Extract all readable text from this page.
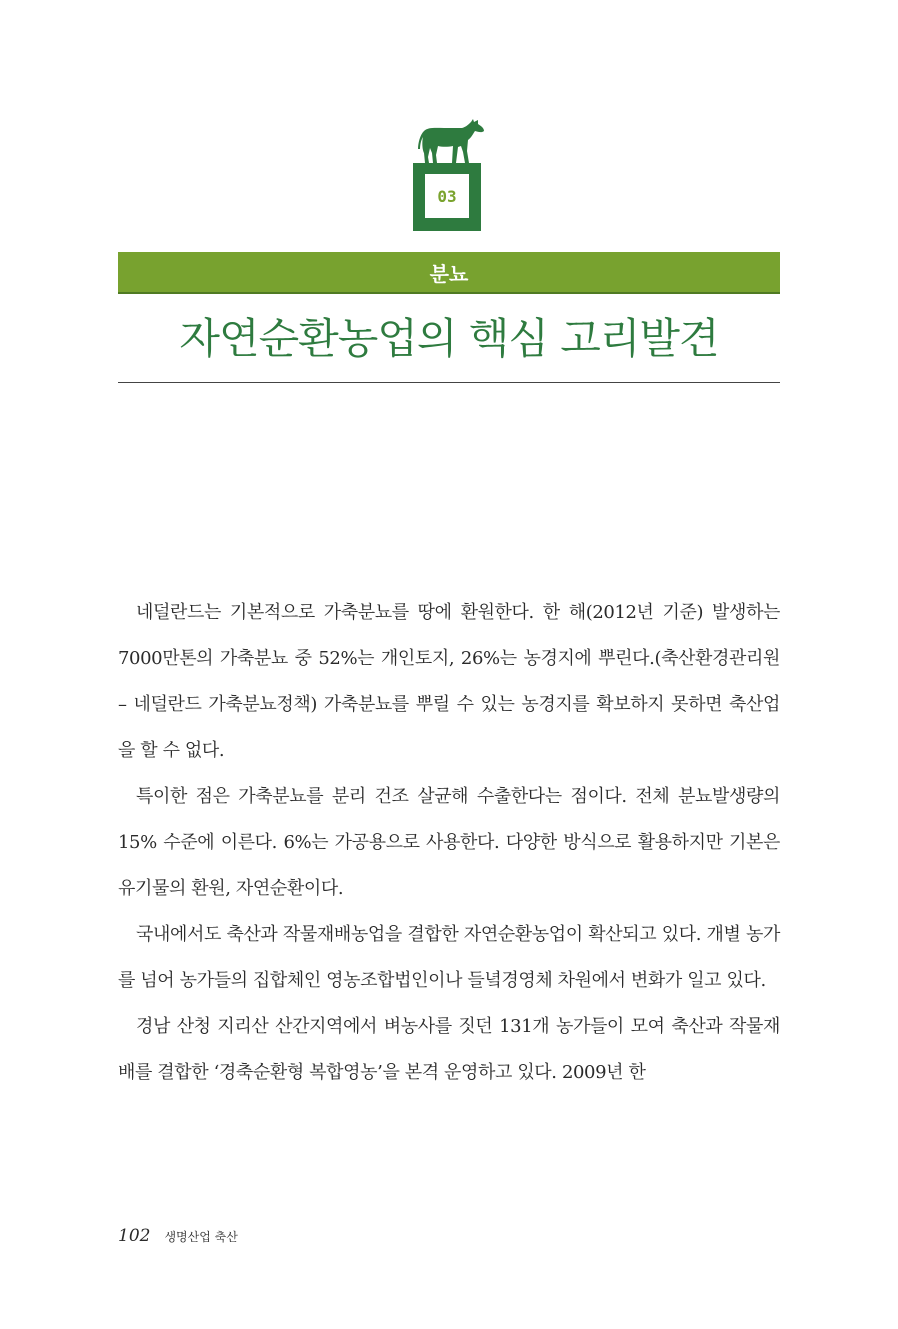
03
분뇨
자연순환농업의 핵심 고리발견

네덜란드는 기본적으로 가축분뇨를 땅에 환원한다. 한 해(2012년 기준) 발생하는 7000만톤의 가축분뇨 중 52%는 개인토지, 26%는 농경지에 뿌린다.(축산환경관리원 – 네덜란드 가축분뇨정책) 가축분뇨를 뿌릴 수 있는 농경지를 확보하지 못하면 축산업을 할 수 없다.

특이한 점은 가축분뇨를 분리 건조 살균해 수출한다는 점이다. 전체 분뇨발생량의 15% 수준에 이른다. 6%는 가공용으로 사용한다. 다양한 방식으로 활용하지만 기본은 유기물의 환원, 자연순환이다.

국내에서도 축산과 작물재배농업을 결합한 자연순환농업이 확산되고 있다. 개별 농가를 넘어 농가들의 집합체인 영농조합법인이나 들녘경영체 차원에서 변화가 일고 있다.

경남 산청 지리산 산간지역에서 벼농사를 짓던 131개 농가들이 모여 축산과 작물재배를 결합한 ‘경축순환형 복합영농’을 본격 운영하고 있다. 2009년 한

102 생명산업 축산
